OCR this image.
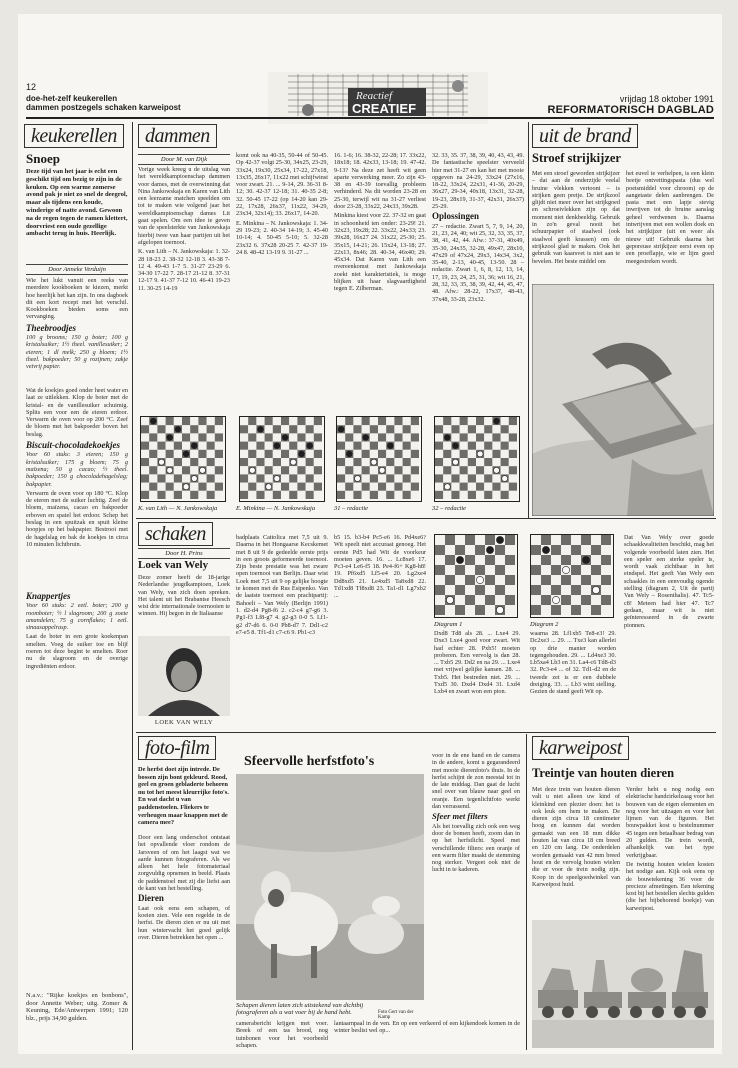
12
doe-het-zelf keukerellen
dammen postzegels schaken karweipost
Reactief
CREATIEF
vrijdag 18 oktober 1991
REFORMATORISCH DAGBLAD
keukerellen
Snoep
Deze tijd van het jaar is echt een geschikt tijd om bezig te zijn in de keuken. Op een warme zomerse avond pak je niet zo snel de deegrol, maar als tijdens een koude, winderige of natte avond. Gewoon na de regen tegen de ramen klettert, doorvriest een oude gezellige ambacht terug in huis. Heerlijk.
Door Anneke Verduijn

Wie het lukt vanuit een reeks van meerdere kookboeken te kiezen, merkt hoe heerlijk het kan zijn. In ons dagboek dit een kort recept met het verschil. Kookboeken bieden soms een vervanging.

Theebroodjes

100 g brooms; 150 g boter; 100 g kristalsuiker; 1½ theel. vanillesuiker; 2 eieren; 1 dl melk; 250 g bloem; 1½ theel. bakpoeder; 50 g rozijnen; zakje vetvrij papier.

Wat de koekjes goed onder heet water en laat ze uitlekken. Klop de boter met de kristal- en de vanillesuiker schuimig. Splits een voor een de eieren erdoor. Verwarm de oven voor op 200 °C. Zeef de bloem met het bakpoeder boven het beslag.

Biscuit-chocoladekoekjes

Voor 60 stuks: 3 eieren; 150 g kristalsuiker; 175 g bloem; 75 g maïzena; 50 g cacao; ½ theel. bakpoeder; 150 g chocoladehagelslag; bakpapier.

Verwarm de oven voor op 180 °C. Klop de eieren met de suiker luchtig. Zeef de bloem, maïzena, cacao en bakpoeder erboven en spatel het erdoor. Schep het beslag in een spuitzak en spuit kleine hoopjes op het bakpapier. Bestrooi met de hagelslag en bak de koekjes in circa 10 minuten lichtbruin.

Knappertjes

Voor 60 stuks: 2 eetl. boter; 200 g roomboter; ½ l slagroom; 200 g zoete amandelen; 75 g cornflakes; 1 eetl. sinaasappelrasp.

Laat de boter in een grote koekenpan smelten. Voeg de suiker toe en blijf roeren tot deze begint te smelten. Roer nu de slagroom en de overige ingrediënten erdoor.

N.a.v.: "Rijke koekjes en bonbons", door Annette Weber; uitg. Zomer & Keuning, Ede/Antwerpen 1991; 120 blz., prijs 34,90 gulden.
dammen
Door M. van Dijk

Vorige week kreeg u de uitslag van het wereldkampioenschap dammen voor dames, met de overwinning dat Nina Jankowskaja en Karen van Lith een leerzame matchen speelden om tot te maken wie volgend jaar het wereldkampioenschap dames Lit gaat spelen. Om een idee te geven van de speelsterkte van Jankowskaja hierbij twee van haar partijen uit het afgelopen toernooi.

K. van Lith – N. Jankowskaja: 1. 32-28 18-23 2. 38-32 12-18 3. 43-38 7-12 4. 49-43 1-7 5. 31-27 23-29 6. 34-30 17-22 7. 28-17 21-12 8. 37-31 12-17 9. 41-37 7-12 10. 46-41 19-23 11. 30-25 14-19

komt ook na 40-35, 50-44 of 50-45. Op 42-37 volgt 25-30, 34x25, 23-29, 33x24, 19x30, 25x34, 17-22, 27x18, 13x35, 26x17, 11x22 met schijfwinst voor zwart. 21. ... 9-14, 29. 36-31 8-12; 30. 42-37 12-18; 31. 40-35 2-8; 32. 50-45 17-22 (op 14-20 kan 29-22, 17x28, 26x37, 11x22, 34-29, 23x34, 32x14); 33. 26x17, 14-20.

E. Minkina – N. Jankowskaja: 1. 34-29 19-23; 2. 40-34 14-19; 3. 45-40 10-14; 4. 50-45 5-10; 5. 32-28 23x32 6. 37x28 20-25 7. 42-37 19-24 8. 48-42 13-19 9. 31-27 ...

16. 1-6; 16. 38-32, 22-28; 17. 33x22, 18x18; 18. 42x33, 13-18; 19. 47-42. 9-13? Na deze zet heeft wit geen aparte verwerking meer. Zo zijn 43-38 en 43-39 toevallig probleem verhinderd. Na dit worden 23-28 en 25-30, terwijl wit na 31-27 verliest door 23-28, 33x22, 24x33, 39x28.

Minkina kiest voor 22. 37-32 en gaat in schoonheid ten onder: 23-29! 21. 32x23, 19x28; 22. 33x22, 24x33; 23. 39x28, 16x27 24. 31x22, 25-30; 25. 35x15, 14-21; 26. 15x24, 13-18; 27. 22x13, 8x46; 28. 40-34, 46x40; 29. 45x34. Dat Karen van Lith een overeenkomst met Jankowskaja zoekt niet karakteristiek, is moge blijken uit haar slagvaardigheid tegen E. Zilberman.

32. 33, 35. 37, 38, 39, 40, 43, 43, 49. De fantastische speelster verveeld hier met 31-27 en kan het met mooie opgeven na 24-29, 33x24 (27x16, 18-22, 33x24, 22x31, 41-36, 20-29, 36x27, 29-34, 40x18, 13x31, 32-28, 19-23, 28x19, 31-37, 42x31, 26x37) 25-29.

Oplossingen

27 – redactie. Zwart 5, 7, 9, 14, 20, 21, 23, 24, 40; wit 25, 32, 33, 35, 37, 38, 41, 42, 44. Afw.: 37-31, 40x49, 35-30, 24x35, 32-28, 49x47, 28x10, 47x29 of 47x24, 29x3, 14x34, 3x2, 35-40, 2-13, 40-45, 13-50. 28 – redactie. Zwart 1, 6, 8, 12, 13, 14, 17, 19, 23, 24, 25, 31, 36; wit 16, 21, 28, 32, 33, 35, 38, 39, 42, 44, 45, 47, 48. Afw.: 28-22, 17x37, 48-43, 37x48, 33-28, 23x32.

K. van Lith — N. Jankowskaja	E. Minkina — N. Jankowskaja	31 – redactie	32 – redactie
uit de brand
Stroef strijkijzer
Met een stroef geworden strijkijzer – dat aan de onderzijde veelal bruine vlekken vertoont – is strijken geen pretje. De strijkzool glijdt niet meer over het strijkgoed en schroeivlekken zijn op dat moment niet denkbeeldig. Gebruik in zo'n geval nooit het schuurpapier of staalwol (ook staalwol geeft krassen) om de strijkzool glad te maken. Ook het gebruik van kaarsvet is niet aan te bevelen. Het beste middel om
het euvel te verhelpen, is een klein beetje ontvettingspasta (dus wel poetsmiddel voor chroom) op de aangetaste delen aanbrengen. De pasta met een lapje stevig inwrijven tot de bruine aanslag geheel verdwenen is. Daarna intwrijven met een wollen doek en het strijkijzer (uit en weer als nieuw uit! Gebruik daarna het geporeuse strijkijzer eerst even op een proeflapje, wie er lijm goed meegestreken wordt.
schaken
Door H. Prins
Loek van Wely
Deze zomer heeft de 18-jarige Nederlandse jeugdkampioen, Loek van Wely, van zich doen spreken. Het talent uit het Brabantse Heesch wist drie internationale toernooien te winnen. Hij begon in de Italiaanse
LOEK VAN WELY
badplaats Cattolica met 7,5 uit 9. Daarna in het Hongaarse Kecskemet met 8 uit 9 de gedeelde eerste prijs in een groots geformeerde toernooi. Zijn beste prestatie was het zware open toernooi van Berlijn. Daar wist Loek met 7,5 uit 9 op gelijke hoogte te komen met de Rus Esipenko. Van de laatste toernooi een prachtpartij: Bahoeli – Van Wely (Berlijn 1991) 1. d2-d4 Pg8-f6 2. c2-c4 g7-g6 3. Pg1-f3 Lf8-g7 4. g2-g3 0-0 5. Lf1-g2 d7-d6 6. 0-0 Pb8-d7 7. Dd1-c2 e7-e5 8. Tf1-d1 c7-c6 9. Pb1-c3
b5 15. b3-b4 Pc5-e6 16. Pd4xe6? Wit speelt niet accuraat genoeg. Het eerste Pd5 had Wit de voorkeur moeten geven. 16. ... Lc8xe6 17. Pc3-e4 Le6-f5 18. Pe4-f6+ Kg8-h8! 19. Pf6xd5 Lf5-e4 20. Lg2xe4 Dd8xd5 21. Le4xd5 Ta8xd8 22. Td1xd8 Tf8xd8 23. Ta1-d1 Lg7xb2 ...
Diagram 1
Dxd8 Td8 als 28. ... Lxe4 29. Dxe3 Lxe4 goed voor zwart. Wit had echter 28. Pxb5! moeten proberen. Een vervolg is dan 28. ... Txb5 29. Dd2 en na 29. ... Lxe4 met vrijwel gelijke kansen. 28. ... Txb5. Het bestreden niet. 29. ... Txd5 30. Dxd4 Dxd4 31. Lxd4 Lxb4 en zwart won een pion.
Diagram 2
waarna 28. Lf1xb5 Te8-e3! 29. Dc2xe3 ... 29. ... Txe3 kan allerlei op drie manier worden tegengehouden. 29. ... Ld4xe3 30. Lb5xa4 Lb3 en 31. La4-c6 Td8-d3 32. Pc3-e4 ... of 32. Td1-d2 en de tweede zet is er een dubbele dreiging. 33. ... Lb3 wint stelling. Gezien de stand geeft Wit op.
Dat Van Wely over goede schaakkwaliteiten beschikt, mag het volgende voorbeeld laten zien. Het een speler een sterke speler is, wordt vaak zichtbaar in het eindspel. Het geeft Van Wely een schaakles in een eenvoudig ogende stelling (diagram 2, Uit de partij Van Wely – Rosenthalis). 47. Tc5-c8! Meteen had hier 47. Tc7 gedaan, maar wit is niet geïnteresseerd in de zwarte pionnen.
foto-film
De herfst doet zijn intrede. De bossen zijn bont gekleurd. Rood, geel en groen gebladerte behoren nu tot het meest kleurrijke foto's. En wat dacht u van paddenstoelen. Fliekers te verheugen maar knappen met de camera mee?

Door een lang onderschot ontstaat het opvallende vloer rondom de Jarsveen of om het laagst wat we aarde kunnen fotograferen. Als we alleen het hele fotomateriaal zorgvuldig opnemen in beeld. Plaats de paddenstoel met zij die liefst aan de kant van het bestelling.

Dieren

Laat ook eens een schapen, of koeien zien. Vele een regelde in de herfst. De dieren zien er nu uit met hun wintervacht het goed gelijk over. Dieren betrekken het open ...

Sfeervolle herfstfoto's
Schapen dieren laten zich uitstekend van dichtbij fotograferen als u wat voer bij de hand hebt.	Foto Gert van der Kamp
camerabericht krijgen met voer. Breek of een tas brood, nog tuinbonen voor het voorbeeld schapen.

voor in de ene hand en de camera in de andere, komt u gegarandeerd met mooie dierenfoto's thuis. In de herfst schijnt de zon meestal tot in de late middag. Dan gaat de lucht snel over van blauw naar geel en oranje. Een tegenlichtfoto werkt dan verrassend.

Sfeer met filters

Als het toevallig zich ook een weg door de bomen heeft, zoom dan in op het herfstlicht. Speel met verschillende filters: een oranje of een warm filter maakt de stemming nog sterker. Vergeet ook niet de lucht in te kaderen.

lantaarnpaal in de ven. En op een verkeerd of een kijkendoek komen in de winter beslist wel op...
karweipost
Treintje van houten dieren
Met deze trein van houten dieren valt u niet alleen uw kind of kleinkind een plezier doen: het is ook leuk om hem te maken. De dieren zijn circa 18 centimeter hoog en kunnen dat worden gemaakt van een 18 mm dikke houten lat van circa 18 cm breed en 120 cm lang. De onderdelen worden gemaakt van 42 mm breed hout en de vervolg houten wielen die er voor de trein nodig zijn. Koop in de speelgoedwinkel van Karweipost huid.

Verder hebt u nog nodig een elektrische handcirkelzaag voor het bouwen van de eigen elementen en nog voor het uitzagen en voor het lijmen van de figuren. Het bouwpakket kost u bestelnummer 45 tegen een betaalbaar bedrag van 20 gulden. De trein wordt, afhankelijk van het type verkrijgbaar.

De twintig houten wielen kosten het nodige aan. Kijk ook eens op de bouwtekening 36 voor de precieze afmetingen. Een tekening kost bij het bestellen slechts gulden (die het bijbehorend boekje) van karweipost.
